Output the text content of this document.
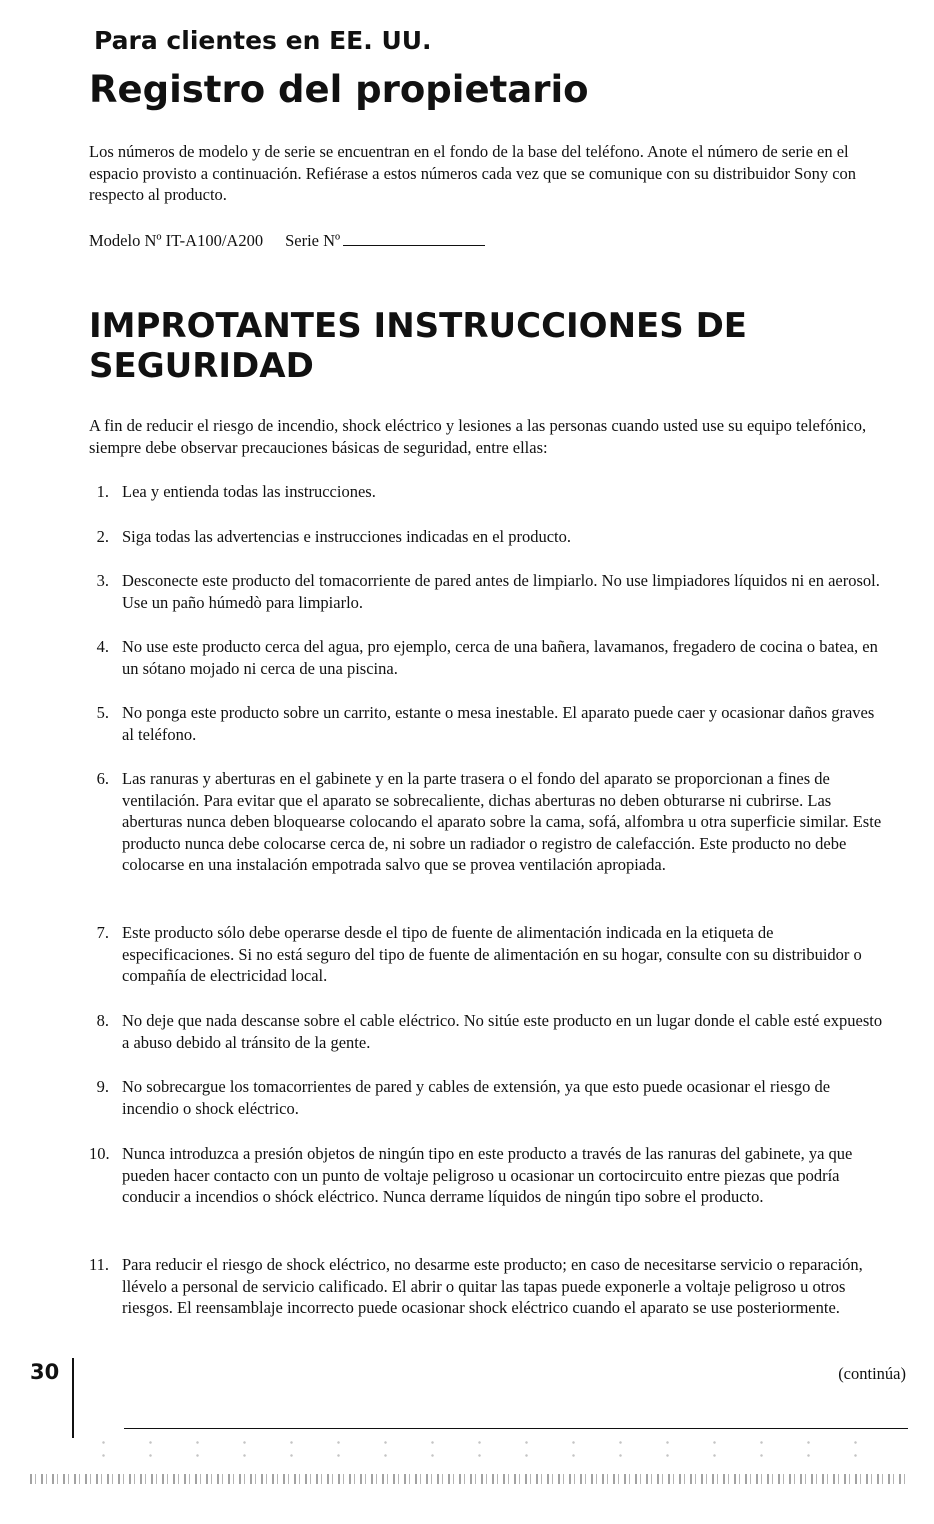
Para clientes en EE. UU.
Registro del propietario
Los números de modelo y de serie se encuentran en el fondo de la base del teléfono. Anote el número de serie en el espacio provisto a continuación. Refiérase a estos números cada vez que se comunique con su distribuidor Sony con respecto al producto.
Modelo Nº IT-A100/A200 Serie Nº
IMPROTANTES INSTRUCCIONES DE SEGURIDAD
A fin de reducir el riesgo de incendio, shock eléctrico y lesiones a las personas cuando usted use su equipo telefónico, siempre debe observar precauciones básicas de seguridad, entre ellas:
1. Lea y entienda todas las instrucciones.
2. Siga todas las advertencias e instrucciones indicadas en el producto.
3. Desconecte este producto del tomacorriente de pared antes de limpiarlo. No use limpiadores líquidos ni en aerosol. Use un paño húmedò para limpiarlo.
4. No use este producto cerca del agua, pro ejemplo, cerca de una bañera, lavamanos, fregadero de cocina o batea, en un sótano mojado ni cerca de una piscina.
5. No ponga este producto sobre un carrito, estante o mesa inestable. El aparato puede caer y ocasionar daños graves al teléfono.
6. Las ranuras y aberturas en el gabinete y en la parte trasera o el fondo del aparato se proporcionan a fines de ventilación. Para evitar que el aparato se sobrecaliente, dichas aberturas no deben obturarse ni cubrirse. Las aberturas nunca deben bloquearse colocando el aparato sobre la cama, sofá, alfombra u otra superficie similar. Este producto nunca debe colocarse cerca de, ni sobre un radiador o registro de calefacción. Este producto no debe colocarse en una instalación empotrada salvo que se provea ventilación apropiada.
7. Este producto sólo debe operarse desde el tipo de fuente de alimentación indicada en la etiqueta de especificaciones. Si no está seguro del tipo de fuente de alimentación en su hogar, consulte con su distribuidor o compañía de electricidad local.
8. No deje que nada descanse sobre el cable eléctrico. No sitúe este producto en un lugar donde el cable esté expuesto a abuso debido al tránsito de la gente.
9. No sobrecargue los tomacorrientes de pared y cables de extensión, ya que esto puede ocasionar el riesgo de incendio o shock eléctrico.
10. Nunca introduzca a presión objetos de ningún tipo en este producto a través de las ranuras del gabinete, ya que pueden hacer contacto con un punto de voltaje peligroso u ocasionar un cortocircuito entre piezas que podría conducir a incendios o shóck eléctrico. Nunca derrame líquidos de ningún tipo sobre el producto.
11. Para reducir el riesgo de shock eléctrico, no desarme este producto; en caso de necesitarse servicio o reparación, llévelo a personal de servicio calificado. El abrir o quitar las tapas puede exponerle a voltaje peligroso u otros riesgos. El reensamblaje incorrecto puede ocasionar shock eléctrico cuando el aparato se use posteriormente.
30	(continúa)
